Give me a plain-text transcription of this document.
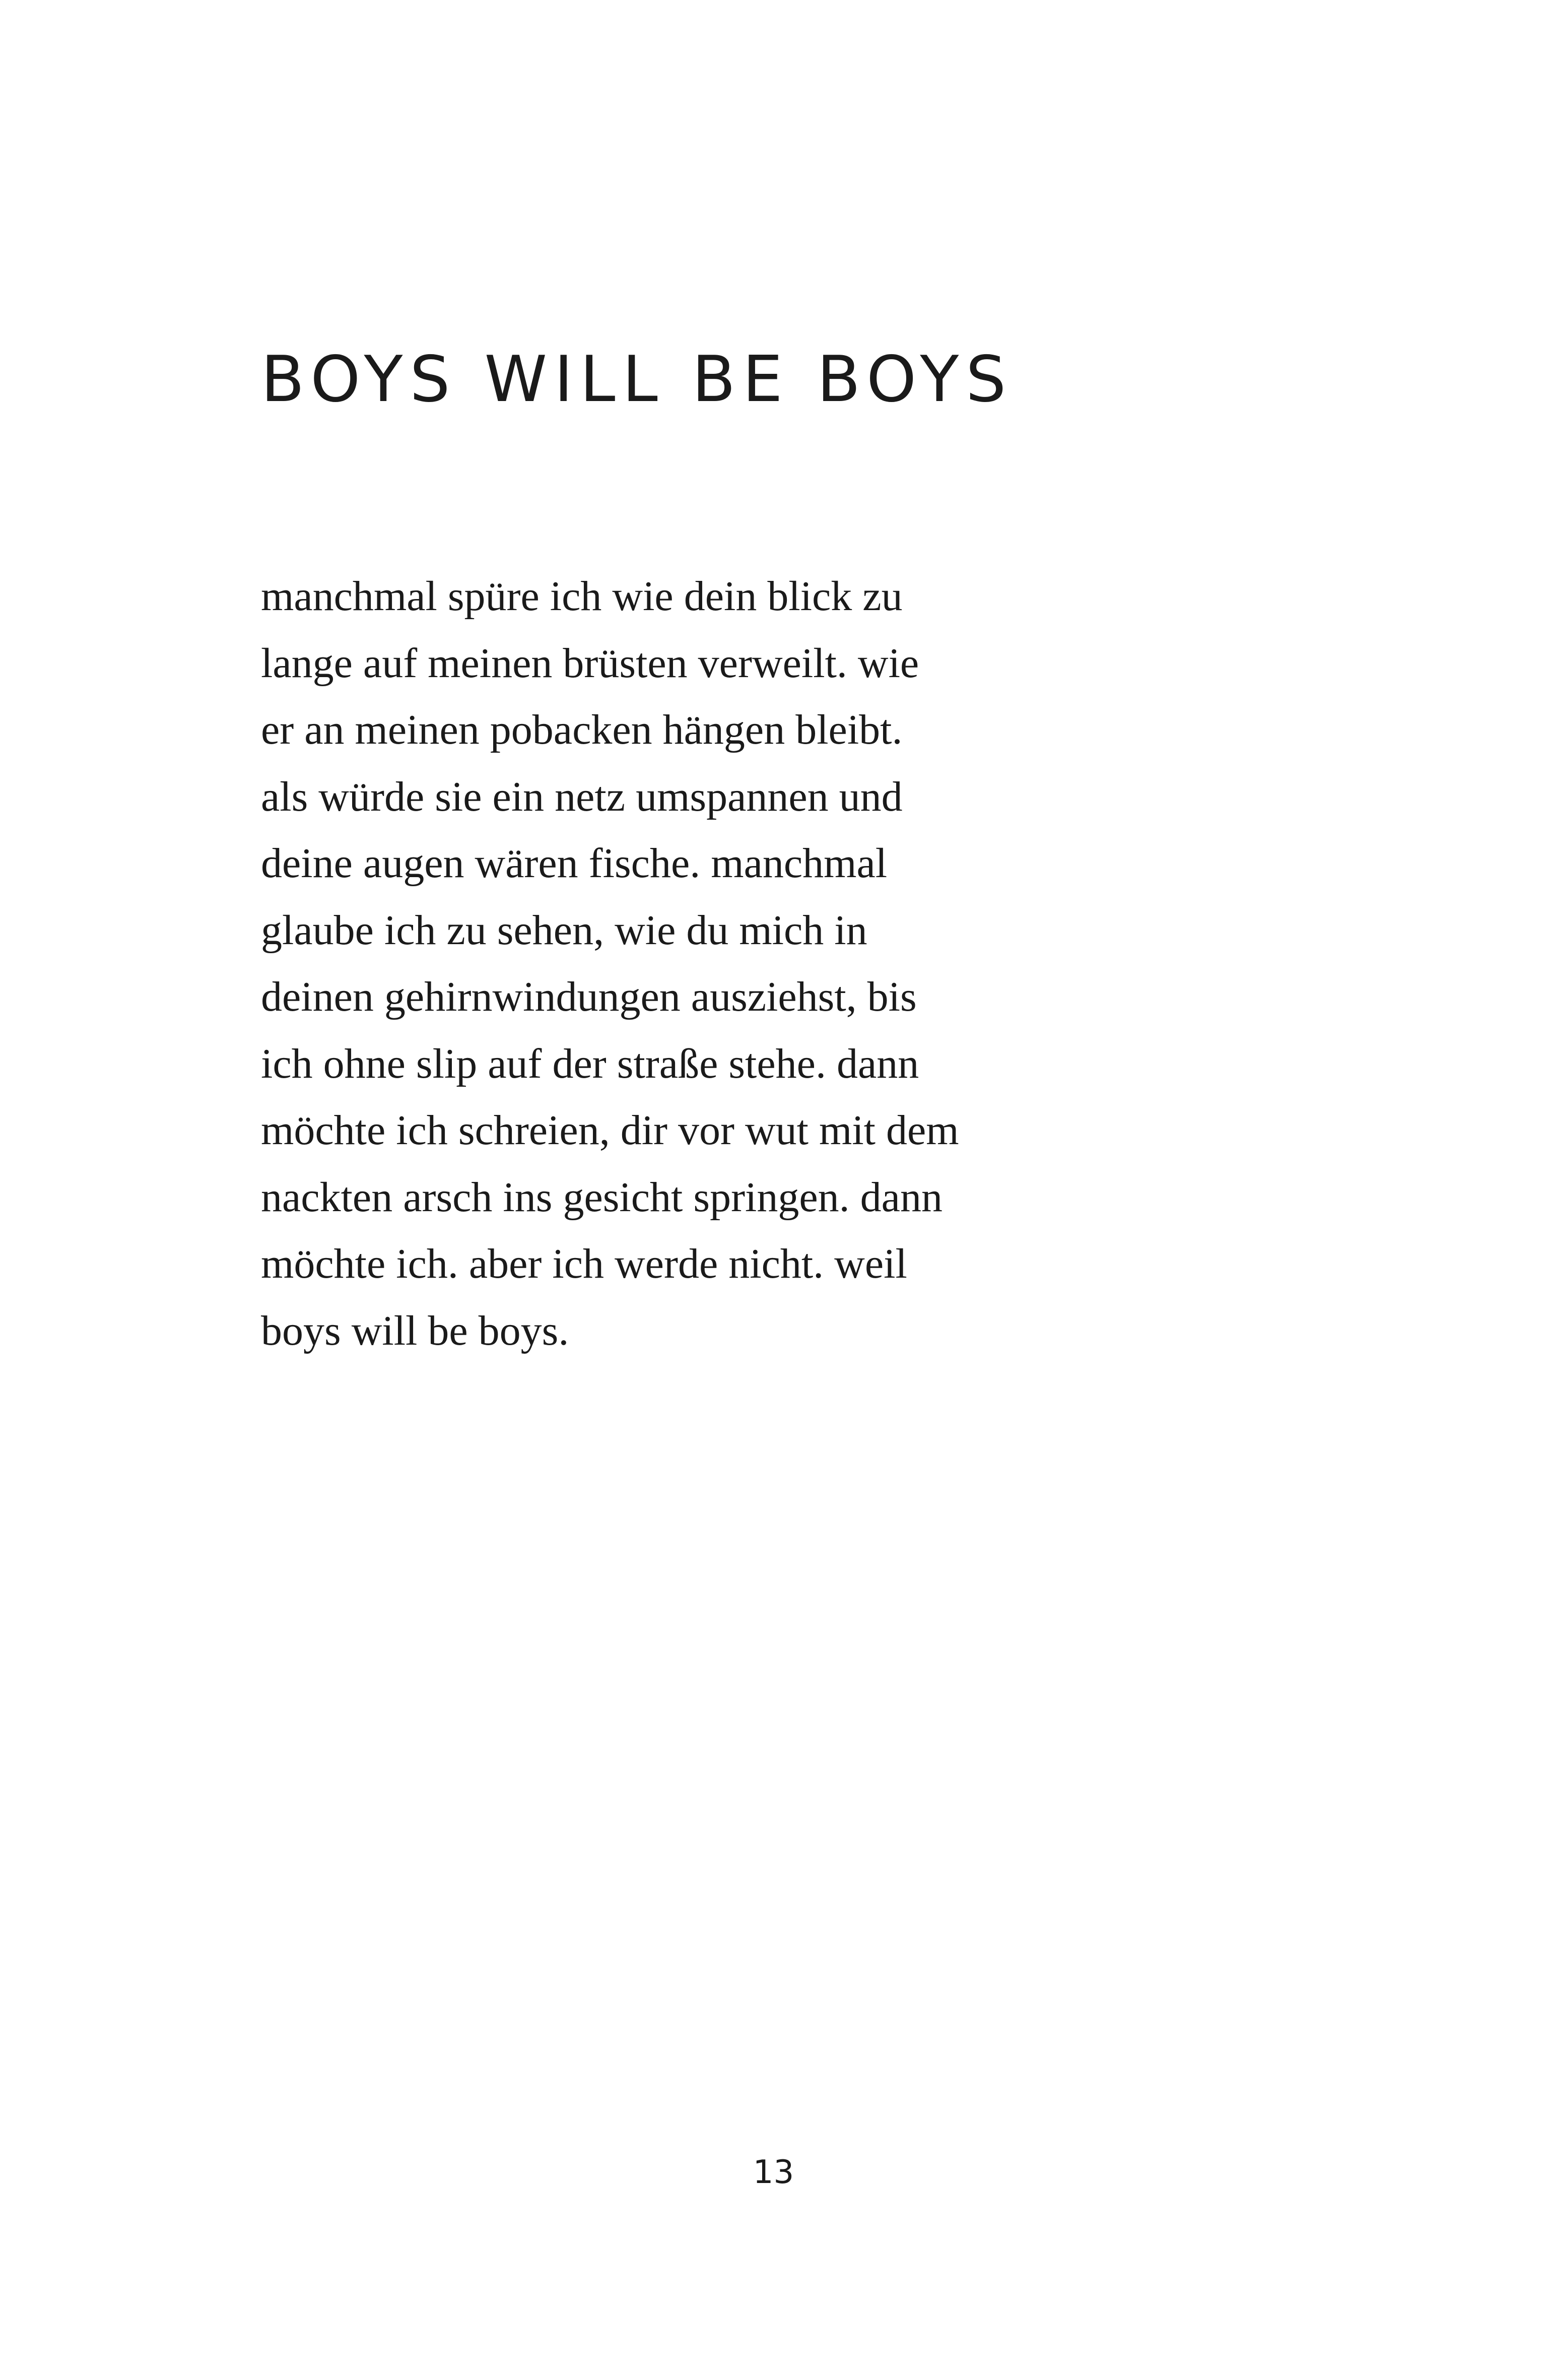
BOYS WILL BE BOYS
manchmal spüre ich wie dein blick zu
lange auf meinen brüsten verweilt. wie
er an meinen pobacken hängen bleibt.
als würde sie ein netz umspannen und
deine augen wären fische. manchmal
glaube ich zu sehen, wie du mich in
deinen gehirnwindungen ausziehst, bis
ich ohne slip auf der straße stehe. dann
möchte ich schreien, dir vor wut mit dem
nackten arsch ins gesicht springen. dann
möchte ich. aber ich werde nicht. weil
boys will be boys.
13
